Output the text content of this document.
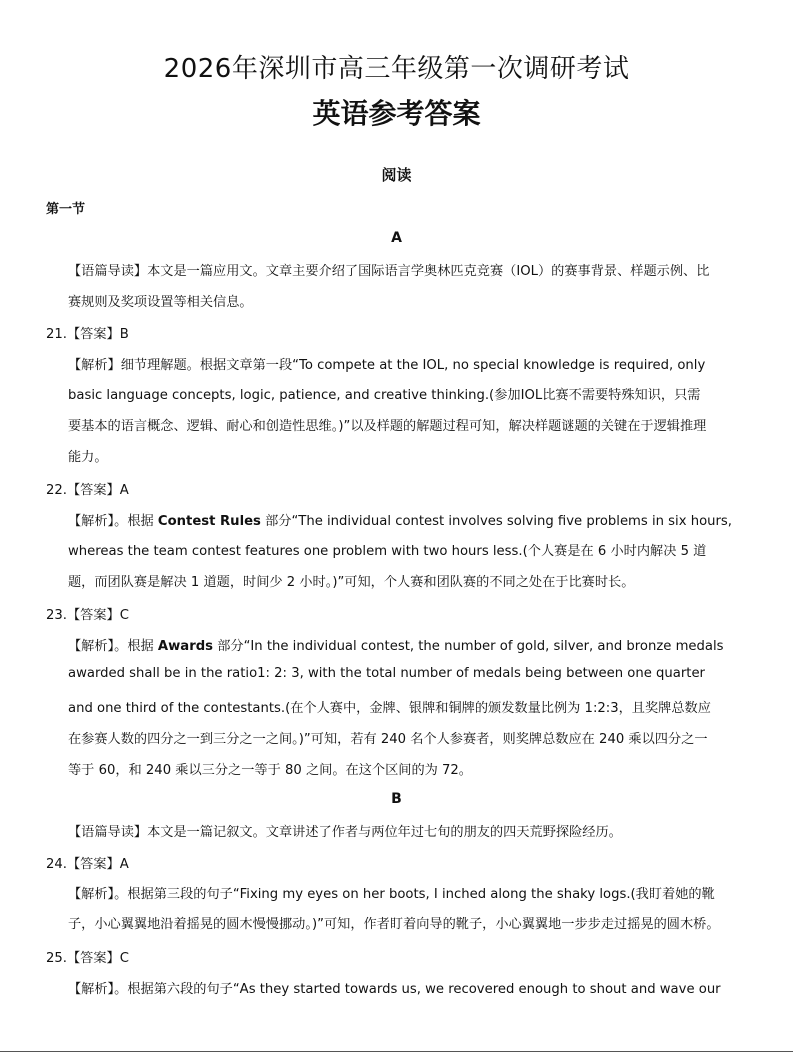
2026年深圳市高三年级第一次调研考试
英语参考答案
阅读
第一节
A
【语篇导读】本文是一篇应用文。文章主要介绍了国际语言学奥林匹克竞赛（IOL）的赛事背景、样题示例、比
赛规则及奖项设置等相关信息。
21.【答案】B
【解析】细节理解题。根据文章第一段“To compete at the IOL, no special knowledge is required, only
basic language concepts, logic, patience, and creative thinking.(参加IOL比赛不需要特殊知识，只需
要基本的语言概念、逻辑、耐心和创造性思维。)”以及样题的解题过程可知，解决样题谜题的关键在于逻辑推理
能力。
22.【答案】A
【解析】。根据 Contest Rules 部分“The individual contest involves solving five problems in six hours,
whereas the team contest features one problem with two hours less.(个人赛是在 6 小时内解决 5 道
题，而团队赛是解决 1 道题，时间少 2 小时。)”可知，个人赛和团队赛的不同之处在于比赛时长。
23.【答案】C
【解析】。根据 Awards 部分“In the individual contest, the number of gold, silver, and bronze medals
awarded shall be in the ratio1: 2: 3, with the total number of medals being between one quarter
and one third of the contestants.(在个人赛中，金牌、银牌和铜牌的颁发数量比例为 1:2:3，且奖牌总数应
在参赛人数的四分之一到三分之一之间。)”可知，若有 240 名个人参赛者，则奖牌总数应在 240 乘以四分之一
等于 60，和 240 乘以三分之一等于 80 之间。在这个区间的为 72。
B
【语篇导读】本文是一篇记叙文。文章讲述了作者与两位年过七旬的朋友的四天荒野探险经历。
24.【答案】A
【解析】。根据第三段的句子“Fixing my eyes on her boots, I inched along the shaky logs.(我盯着她的靴
子，小心翼翼地沿着摇晃的圆木慢慢挪动。)”可知，作者盯着向导的靴子，小心翼翼地一步步走过摇晃的圆木桥。
25.【答案】C
【解析】。根据第六段的句子“As they started towards us, we recovered enough to shout and wave our
